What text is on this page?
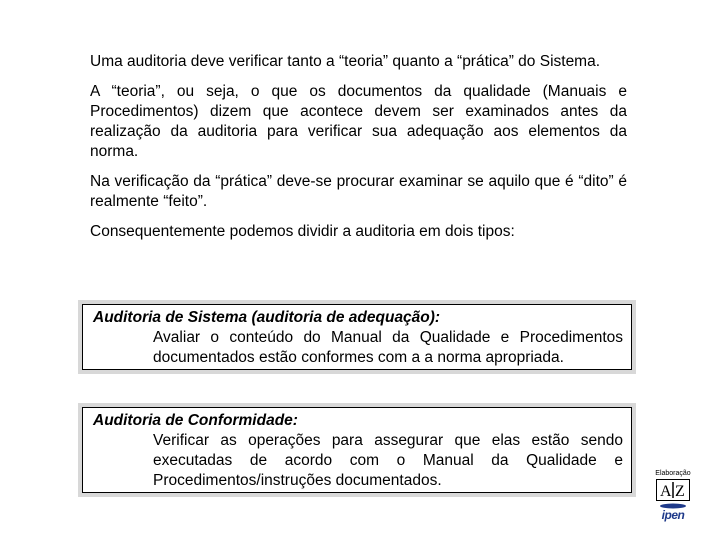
Uma auditoria deve verificar tanto a “teoria” quanto a “prática” do Sistema.

A “teoria”, ou seja, o que os documentos da qualidade (Manuais e Procedimentos) dizem que acontece devem ser examinados antes da realização da auditoria para verificar sua adequação aos elementos da norma.

Na verificação da “prática” deve-se procurar examinar se aquilo que é “dito” é realmente “feito”.

Consequentemente podemos dividir a auditoria em dois tipos:

Auditoria de Sistema (auditoria de adequação):
Avaliar o conteúdo do Manual da Qualidade e Procedimentos documentados estão conformes com a a norma apropriada.
Auditoria de Conformidade:
Verificar as operações para assegurar que elas estão sendo executadas de acordo com o Manual da Qualidade e Procedimentos/instruções documentados.	Elaboração
A Z
ipen
